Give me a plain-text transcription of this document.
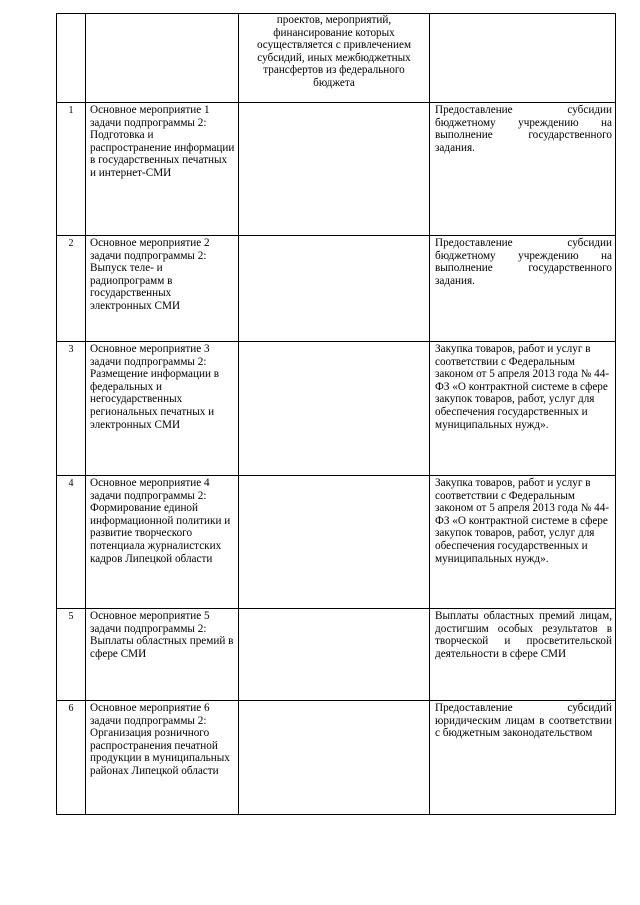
		проектов, мероприятий, финансирование которых осуществляется с привлечением субсидий, иных межбюджетных трансфертов из федерального бюджета	
1	Основное мероприятие 1 задачи подпрограммы 2: Подготовка и распространение информации в государственных печатных и интернет-СМИ		Предоставление субсидии бюджетному учреждению на выполнение государственного задания.
2	Основное мероприятие 2 задачи подпрограммы 2: Выпуск теле- и радиопрограмм в государственных электронных СМИ		Предоставление субсидии бюджетному учреждению на выполнение государственного задания.
3	Основное мероприятие 3 задачи подпрограммы 2: Размещение информации в федеральных и негосударственных региональных печатных и электронных СМИ		Закупка товаров, работ и услуг в соответствии с Федеральным законом от 5 апреля 2013 года № 44-ФЗ «О контрактной системе в сфере закупок товаров, работ, услуг для обеспечения государственных и муниципальных нужд».
4	Основное мероприятие 4 задачи подпрограммы 2: Формирование единой информационной политики и развитие творческого потенциала журналистских кадров Липецкой области		Закупка товаров, работ и услуг в соответствии с Федеральным законом от 5 апреля 2013 года № 44-ФЗ «О контрактной системе в сфере закупок товаров, работ, услуг для обеспечения государственных и муниципальных нужд».
5	Основное мероприятие 5 задачи подпрограммы 2: Выплаты областных премий в сфере СМИ		Выплаты областных премий лицам, достигшим особых результатов в творческой и просветительской деятельности в сфере СМИ
6	Основное мероприятие 6 задачи подпрограммы 2: Организация розничного распространения печатной продукции в муниципальных районах Липецкой области		Предоставление субсидий юридическим лицам в соответствии с бюджетным законодательством
